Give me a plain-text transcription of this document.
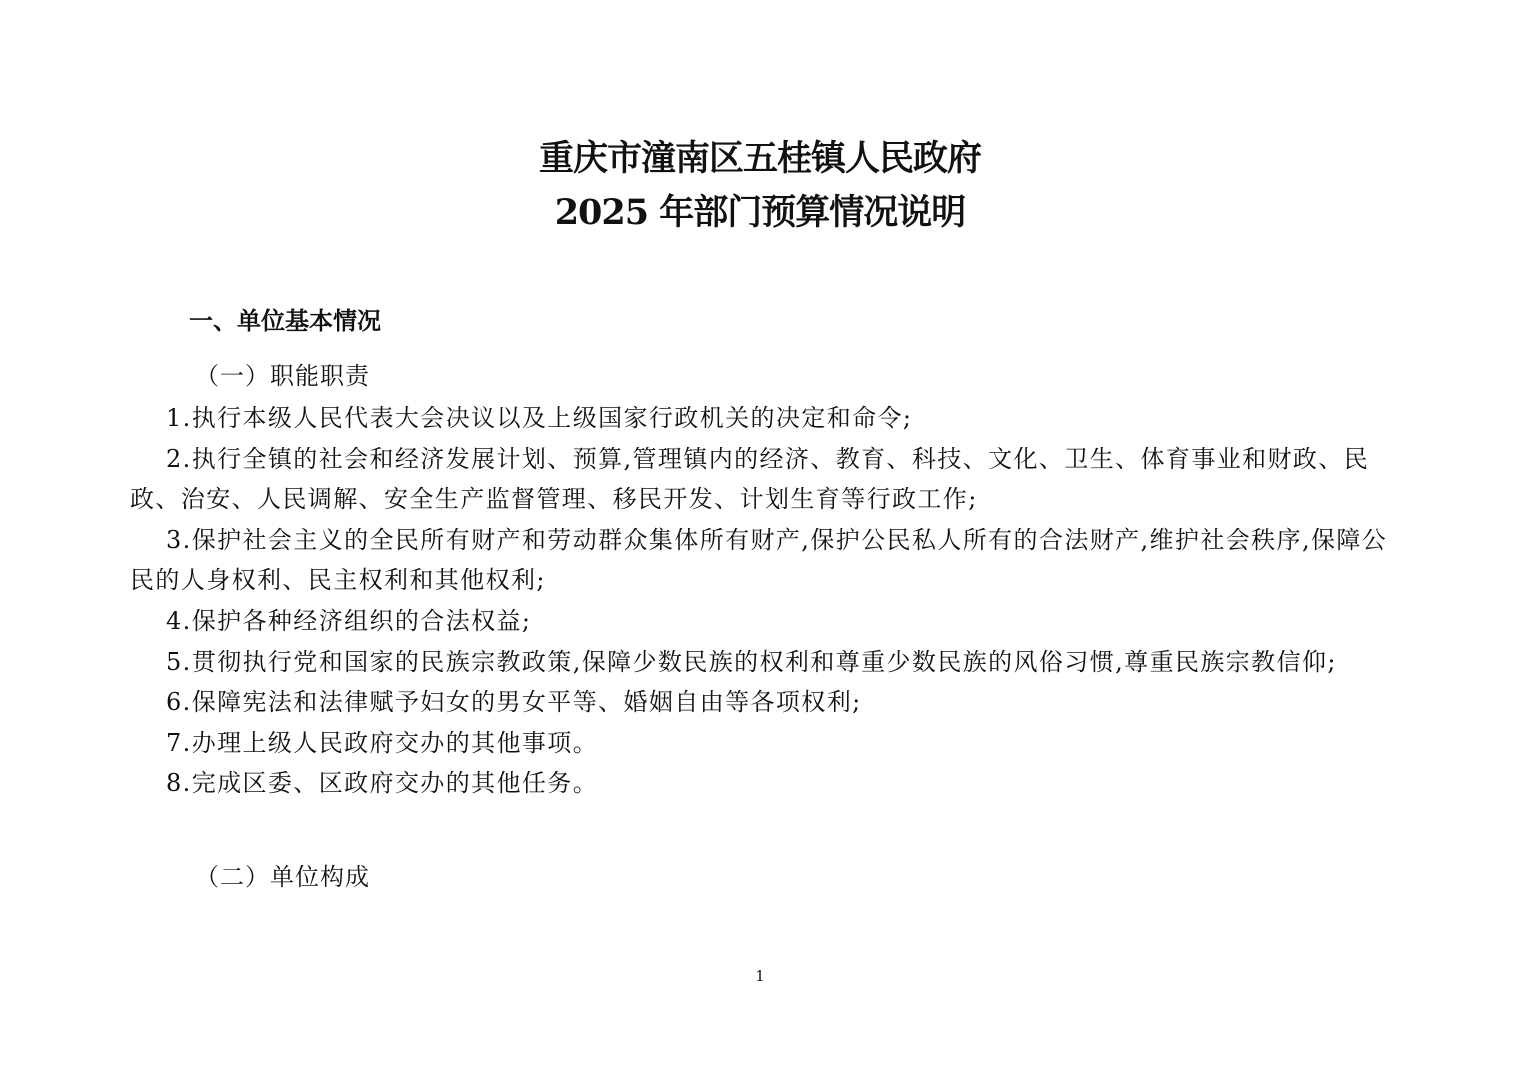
重庆市潼南区五桂镇人民政府
2025 年部门预算情况说明
一、单位基本情况
（一）职能职责

1.执行本级人民代表大会决议以及上级国家行政机关的决定和命令;

2.执行全镇的社会和经济发展计划、预算,管理镇内的经济、教育、科技、文化、卫生、体育事业和财政、民政、治安、人民调解、安全生产监督管理、移民开发、计划生育等行政工作;

3.保护社会主义的全民所有财产和劳动群众集体所有财产,保护公民私人所有的合法财产,维护社会秩序,保障公民的人身权利、民主权利和其他权利;

4.保护各种经济组织的合法权益;

5.贯彻执行党和国家的民族宗教政策,保障少数民族的权利和尊重少数民族的风俗习惯,尊重民族宗教信仰;

6.保障宪法和法律赋予妇女的男女平等、婚姻自由等各项权利;

7.办理上级人民政府交办的其他事项。

8.完成区委、区政府交办的其他任务。

（二）单位构成
1
